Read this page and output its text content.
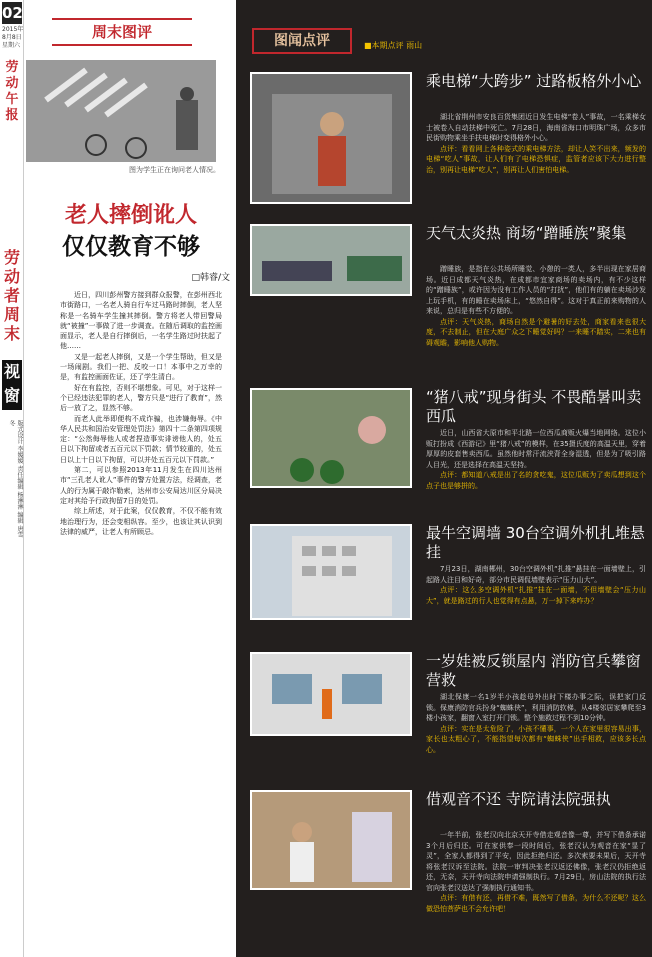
02
2015年 8月8日 星期六
劳动午报
劳动者周末
视窗
版式设计 李媛媛 责任编辑 杨淋淋 编辑 唐雪冬
周末图评
图为学生正在询问老人情况。
老人摔倒讹人
仅仅教育不够
□韩睿/文

近日，四川彭州警方接到群众报警，在彭州西北市街路口，一名老人骑自行车过马路时摔倒，老人坚称是一名骑车学生撞其摔倒。警方将老人带回警局就“被撞”一事做了进一步调查。在随后调取的监控画面显示，老人是自行摔倒后，一名学生路过时扶起了他……

又是一起老人摔倒，又是一个学生帮助，但又是一场闹剧。我们一把、反咬一口！本事中之万幸的是，有监控画面佐证，还了学生清白。

好在有监控，否则不堪想象。可见，对于这样一个已经违法犯罪的老人，警方只是“进行了教育”，然后一放了之，显然不够。

而老人此举即便构不成诈骗，也涉嫌侮辱。《中华人民共和国治安管理处罚法》第四十二条第四项规定：“公然侮辱他人或者捏造事实诽谤他人的，处五日以下拘留或者五百元以下罚款；情节较重的，处五日以上十日以下拘留，可以并处五百元以下罚款。”

第二，可以参照2013年11月发生在四川达州市“三孔老人讹人”事件的警方处置方法，经调查，老人的行为属于敲诈勒索，达州市公安局达川区分局决定对其给予行政拘留7日的处罚。

综上所述，对于此案，仅仅教育，不仅不能有效地治理行为，还会变相纵容。至少，也该让其认识到法律的威严，让老人有所顾忌。

图闻点评	■本期点评 雨山
乘电梯“大跨步” 过路板格外小心

湖北省荆州市安良百货集团近日发生电梯“卷人”事故，一名乘梯女士被卷入自动扶梯中死亡。7月28日，海南省海口市明珠广场，众多市民街购物乘坐手扶电梯时变得格外小心。

点评：看看网上各种姿式的乘电梯方法，却让人笑不出来，频发的电梯“吃人”事故，让人们有了电梯恐惧症，监管者应该下大力进行整治，别再让电梯“吃人”，别再让人们害怕电梯。

天气太炎热 商场“蹭睡族”聚集

蹭睡族，是指在公共场所睡觉、小憩的一类人，多半出现在家居商场。近日成都天气炎热，在成都市宜家商场的卖场内，有不少这样的“蹭睡族”，或许因为没有工作人员的“打扰”，他们有的躺在卖场沙发上玩手机，有的睡在卖场床上，“悠然自得”。这对于真正前来购物的人来说，总归是有些不方便的。

点评：天气炎热，商场自然是个避暑的好去处，商家看来也很大度，不去制止，但在大庭广众之下睡觉好吗？一来睡不踏实，二来也有碍观瞻，影响他人购物。

“猪八戒”现身街头 不畏酷暑叫卖西瓜

近日，山西省大原市和平北路一位西瓜商贩火爆当地网络。这位小贩打扮成《西游记》里“猪八戒”的模样，在35摄氏度的高温天里，穿着厚厚的皮套售卖西瓜。虽然他时常汗流浃背全身湿透，但是为了吸引路人目光，还是选择在高温天坚持。

点评：都知道八戒是出了名的贪吃鬼，这位瓜贩为了卖瓜想到这个点子也是够拼的。

最牛空调墙 30台空调外机扎堆悬挂

7月23日，湖南郴州，30台空调外机“扎推”悬挂在一面墙壁上，引起路人注目和好奇，部分市民调侃墙壁表示“压力山大”。

点评：这么多空调外机“扎推”挂在一面墙，不但墙壁会“压力山大”，就是路过的行人也觉得有点悬，万一掉下来咋办？

一岁娃被反锁屋内 消防官兵攀窗营救

湖北保康一名1岁半小孩趁母外出时下楼办事之际，误把家门反锁。保康消防官兵扮身“蜘蛛侠”，利用消防软梯，从4楼邻居家攀爬至3楼小孩家，翻窗入室打开门锁。整个施救过程不到10分钟。

点评：实在是太危险了，小孩不懂事，一个人在家里很容易出事，家长也太粗心了，不能指望每次都有“蜘蛛侠”出手相救，应该多长点心。

借观音不还 寺院请法院强执

一年半前，张老汉向北京天开寺借走观音像一尊，并写下借条承诺3个月后归还。可在家供奉一段时间后，张老汉认为观音在家“显了灵”，全家人都得到了平安，因此拒绝归还。多次索要未果后，天开寺将张老汉诉至法院。法院一审判决张老汉返还佛像，张老汉仍拒绝返还，无奈，天开寺向法院申请强制执行。7月29日，房山法院的执行法官向张老汉送达了强制执行通知书。

点评：有借有还，再借不难，既然写了借条，为什么不还呢？这么做恐怕菩萨也不会允许吧！
